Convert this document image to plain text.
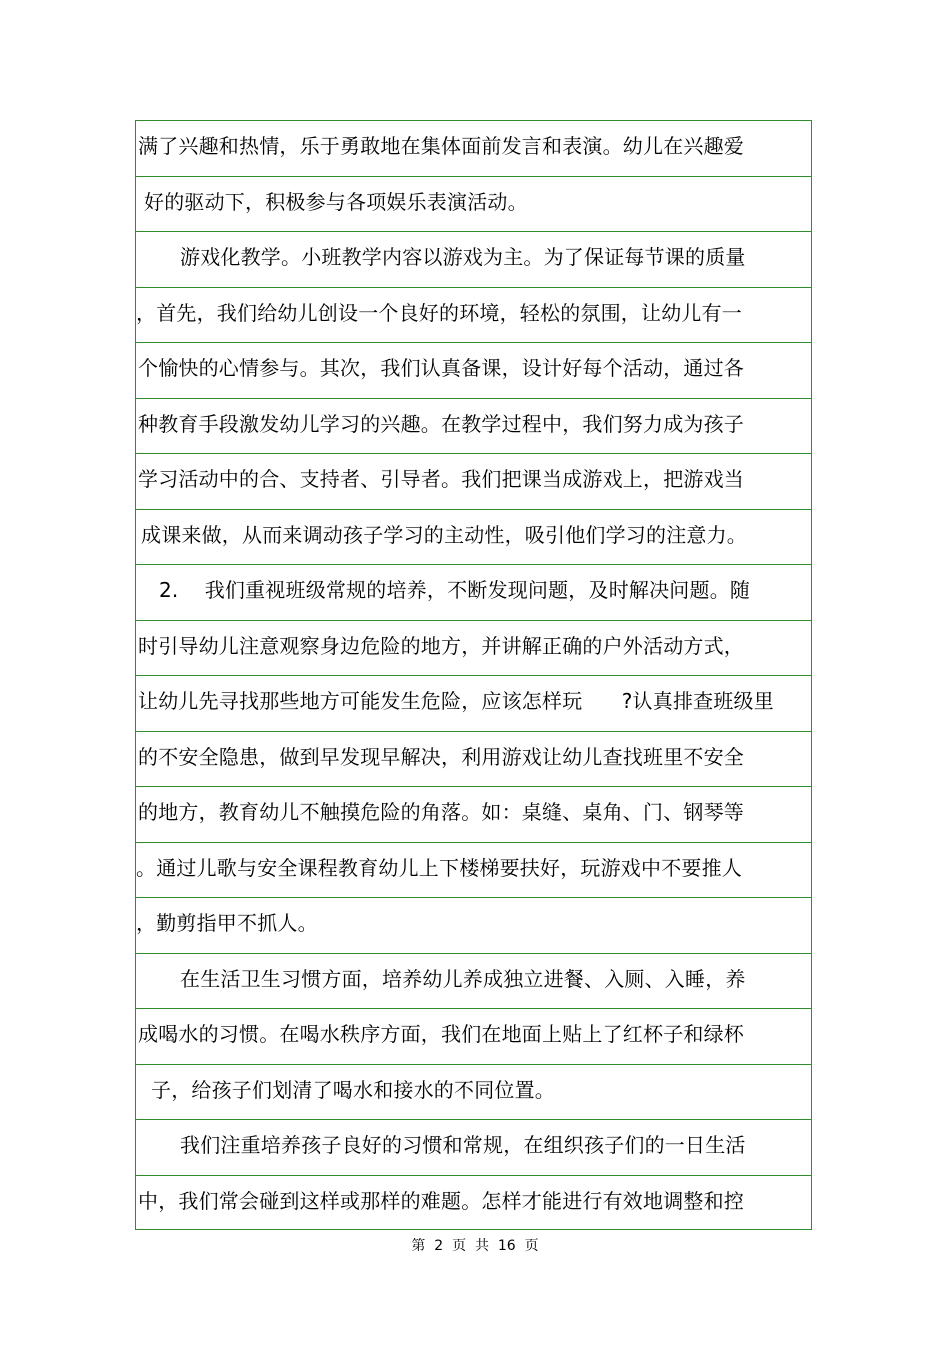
满了兴趣和热情，乐于勇敢地在集体面前发言和表演。幼儿在兴趣爱
好的驱动下，积极参与各项娱乐表演活动。
游戏化教学。小班教学内容以游戏为主。为了保证每节课的质量
，首先，我们给幼儿创设一个良好的环境，轻松的氛围，让幼儿有一
个愉快的心情参与。其次，我们认真备课，设计好每个活动，通过各
种教育手段激发幼儿学习的兴趣。在教学过程中，我们努力成为孩子
学习活动中的合、支持者、引导者。我们把课当成游戏上，把游戏当
成课来做，从而来调动孩子学习的主动性，吸引他们学习的注意力。
2.    我们重视班级常规的培养，不断发现问题，及时解决问题。随
时引导幼儿注意观察身边危险的地方，并讲解正确的户外活动方式，
让幼儿先寻找那些地方可能发生危险，应该怎样玩      ?认真排查班级里
的不安全隐患，做到早发现早解决，利用游戏让幼儿查找班里不安全
的地方，教育幼儿不触摸危险的角落。如：桌缝、桌角、门、钢琴等
。通过儿歌与安全课程教育幼儿上下楼梯要扶好，玩游戏中不要推人
，勤剪指甲不抓人。
在生活卫生习惯方面，培养幼儿养成独立进餐、入厕、入睡，养
成喝水的习惯。在喝水秩序方面，我们在地面上贴上了红杯子和绿杯
子，给孩子们划清了喝水和接水的不同位置。
我们注重培养孩子良好的习惯和常规，在组织孩子们的一日生活
中，我们常会碰到这样或那样的难题。怎样才能进行有效地调整和控
第  2  页  共  16  页
